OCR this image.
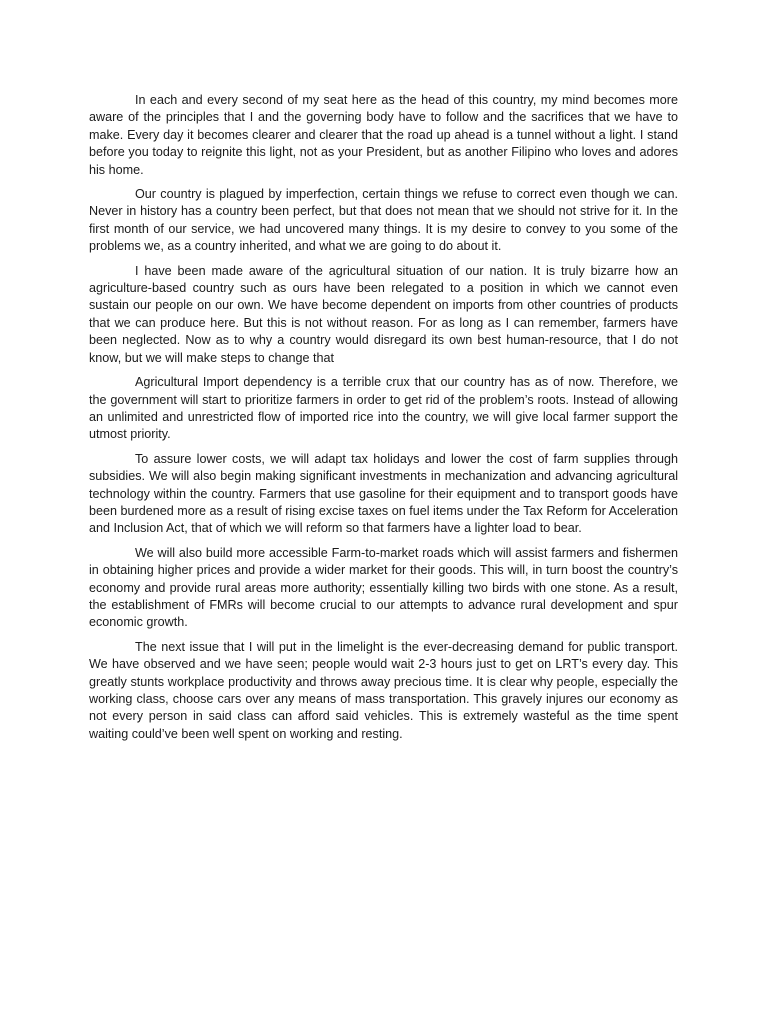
In each and every second of my seat here as the head of this country, my mind becomes more aware of the principles that I and the governing body have to follow and the sacrifices that we have to make. Every day it becomes clearer and clearer that the road up ahead is a tunnel without a light. I stand before you today to reignite this light, not as your President, but as another Filipino who loves and adores his home.

Our country is plagued by imperfection, certain things we refuse to correct even though we can. Never in history has a country been perfect, but that does not mean that we should not strive for it. In the first month of our service, we had uncovered many things. It is my desire to convey to you some of the problems we, as a country inherited, and what we are going to do about it.

I have been made aware of the agricultural situation of our nation. It is truly bizarre how an agriculture-based country such as ours have been relegated to a position in which we cannot even sustain our people on our own. We have become dependent on imports from other countries of products that we can produce here. But this is not without reason. For as long as I can remember, farmers have been neglected. Now as to why a country would disregard its own best human-resource, that I do not know, but we will make steps to change that

Agricultural Import dependency is a terrible crux that our country has as of now. Therefore, we the government will start to prioritize farmers in order to get rid of the problem’s roots. Instead of allowing an unlimited and unrestricted flow of imported rice into the country, we will give local farmer support the utmost priority.

To assure lower costs, we will adapt tax holidays and lower the cost of farm supplies through subsidies. We will also begin making significant investments in mechanization and advancing agricultural technology within the country. Farmers that use gasoline for their equipment and to transport goods have been burdened more as a result of rising excise taxes on fuel items under the Tax Reform for Acceleration and Inclusion Act, that of which we will reform so that farmers have a lighter load to bear.

We will also build more accessible Farm-to-market roads which will assist farmers and fishermen in obtaining higher prices and provide a wider market for their goods. This will, in turn boost the country’s economy and provide rural areas more authority; essentially killing two birds with one stone. As a result, the establishment of FMRs will become crucial to our attempts to advance rural development and spur economic growth.

The next issue that I will put in the limelight is the ever-decreasing demand for public transport. We have observed and we have seen; people would wait 2-3 hours just to get on LRT’s every day. This greatly stunts workplace productivity and throws away precious time. It is clear why people, especially the working class, choose cars over any means of mass transportation. This gravely injures our economy as not every person in said class can afford said vehicles. This is extremely wasteful as the time spent waiting could’ve been well spent on working and resting.
